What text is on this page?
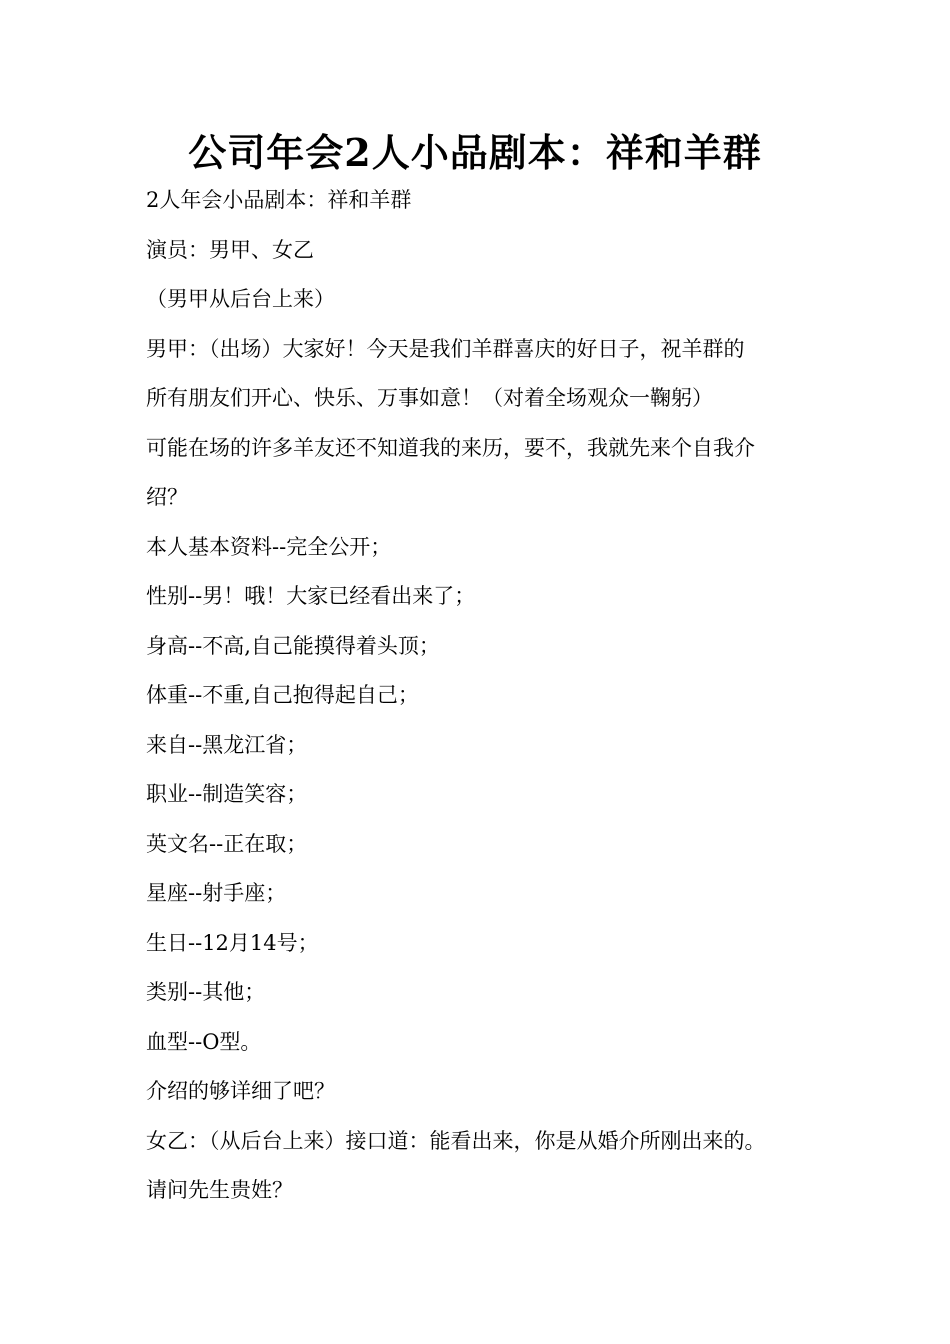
公司年会2人小品剧本：祥和羊群

2人年会小品剧本：祥和羊群

演员：男甲、女乙

（男甲从后台上来）

男甲：（出场）大家好！今天是我们羊群喜庆的好日子，祝羊群的

所有朋友们开心、快乐、万事如意！（对着全场观众一鞠躬）

可能在场的许多羊友还不知道我的来历，要不，我就先来个自我介

绍？

本人基本资料--完全公开；

性别--男！哦！大家已经看出来了；

身高--不高,自己能摸得着头顶；

体重--不重,自己抱得起自己；

来自--黑龙江省；

职业--制造笑容；

英文名--正在取；

星座--射手座；

生日--12月14号；

类别--其他；

血型--O型。

介绍的够详细了吧？

女乙：（从后台上来）接口道：能看出来，你是从婚介所刚出来的。

请问先生贵姓？
